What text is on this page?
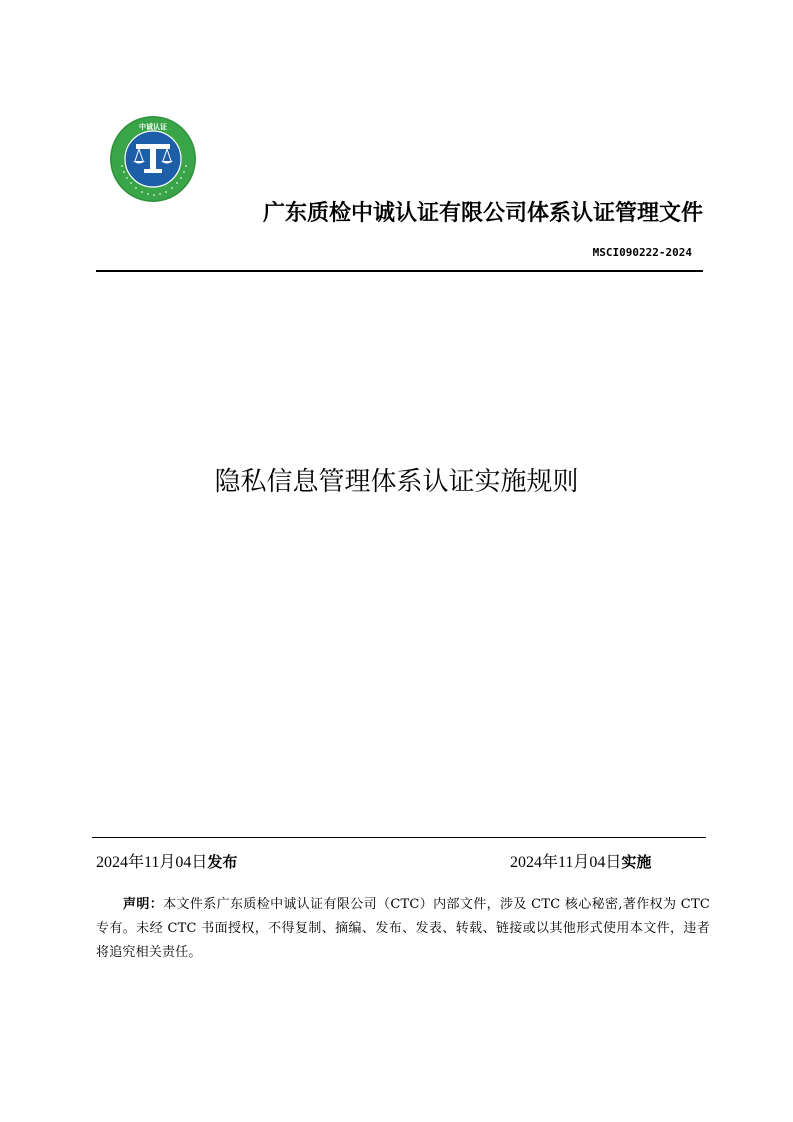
中诚认证
广东质检中诚认证有限公司体系认证管理文件
MSCI090222-2024
隐私信息管理体系认证实施规则
2024年11月04日发布	2024年11月04日实施
声明：本文件系广东质检中诚认证有限公司（CTC）内部文件，涉及 CTC 核心秘密,著作权为 CTC 专有。未经 CTC 书面授权，不得复制、摘编、发布、发表、转载、链接或以其他形式使用本文件，违者将追究相关责任。
